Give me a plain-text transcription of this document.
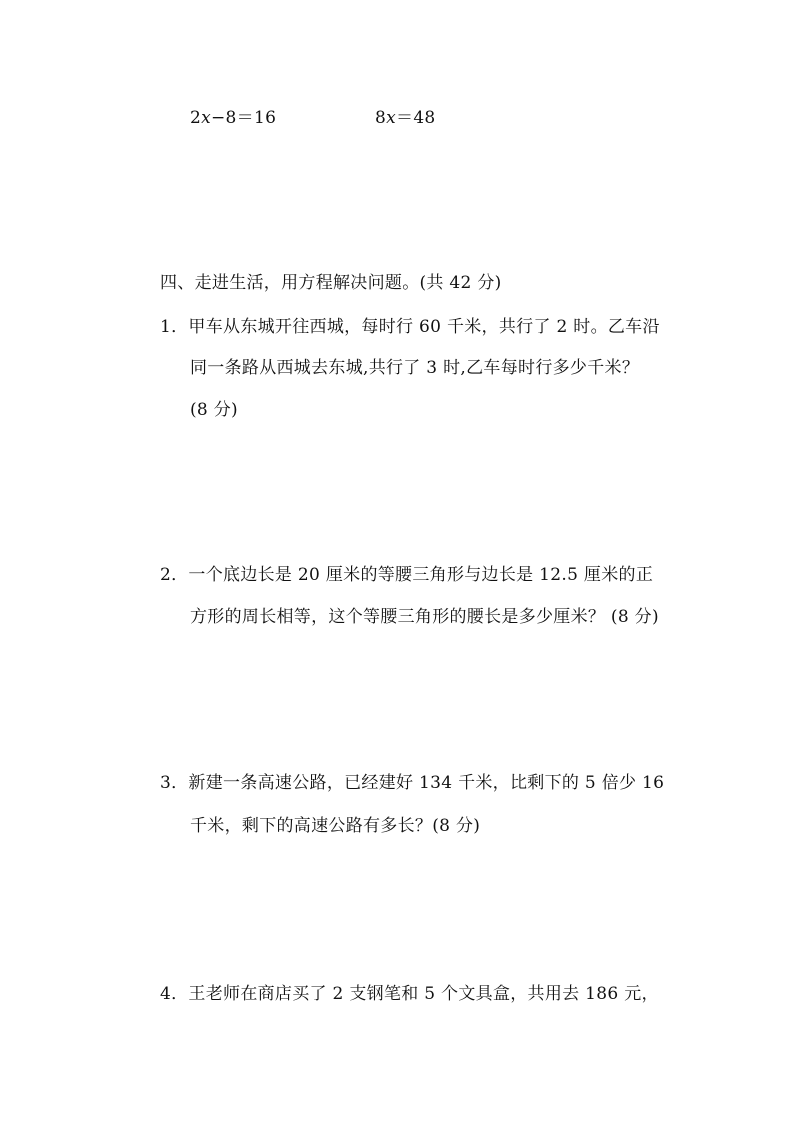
2x−8＝16	8x＝48
四、走进生活，用方程解决问题。(共 42 分)
1．甲车从东城开往西城，每时行 60 千米，共行了 2 时。乙车沿
同一条路从西城去东城,共行了 3 时,乙车每时行多少千米？
(8 分)
2．一个底边长是 20 厘米的等腰三角形与边长是 12.5 厘米的正
方形的周长相等，这个等腰三角形的腰长是多少厘米？ (8 分)
3．新建一条高速公路，已经建好 134 千米，比剩下的 5 倍少 16
千米，剩下的高速公路有多长？(8 分)
4．王老师在商店买了 2 支钢笔和 5 个文具盒，共用去 186 元，
